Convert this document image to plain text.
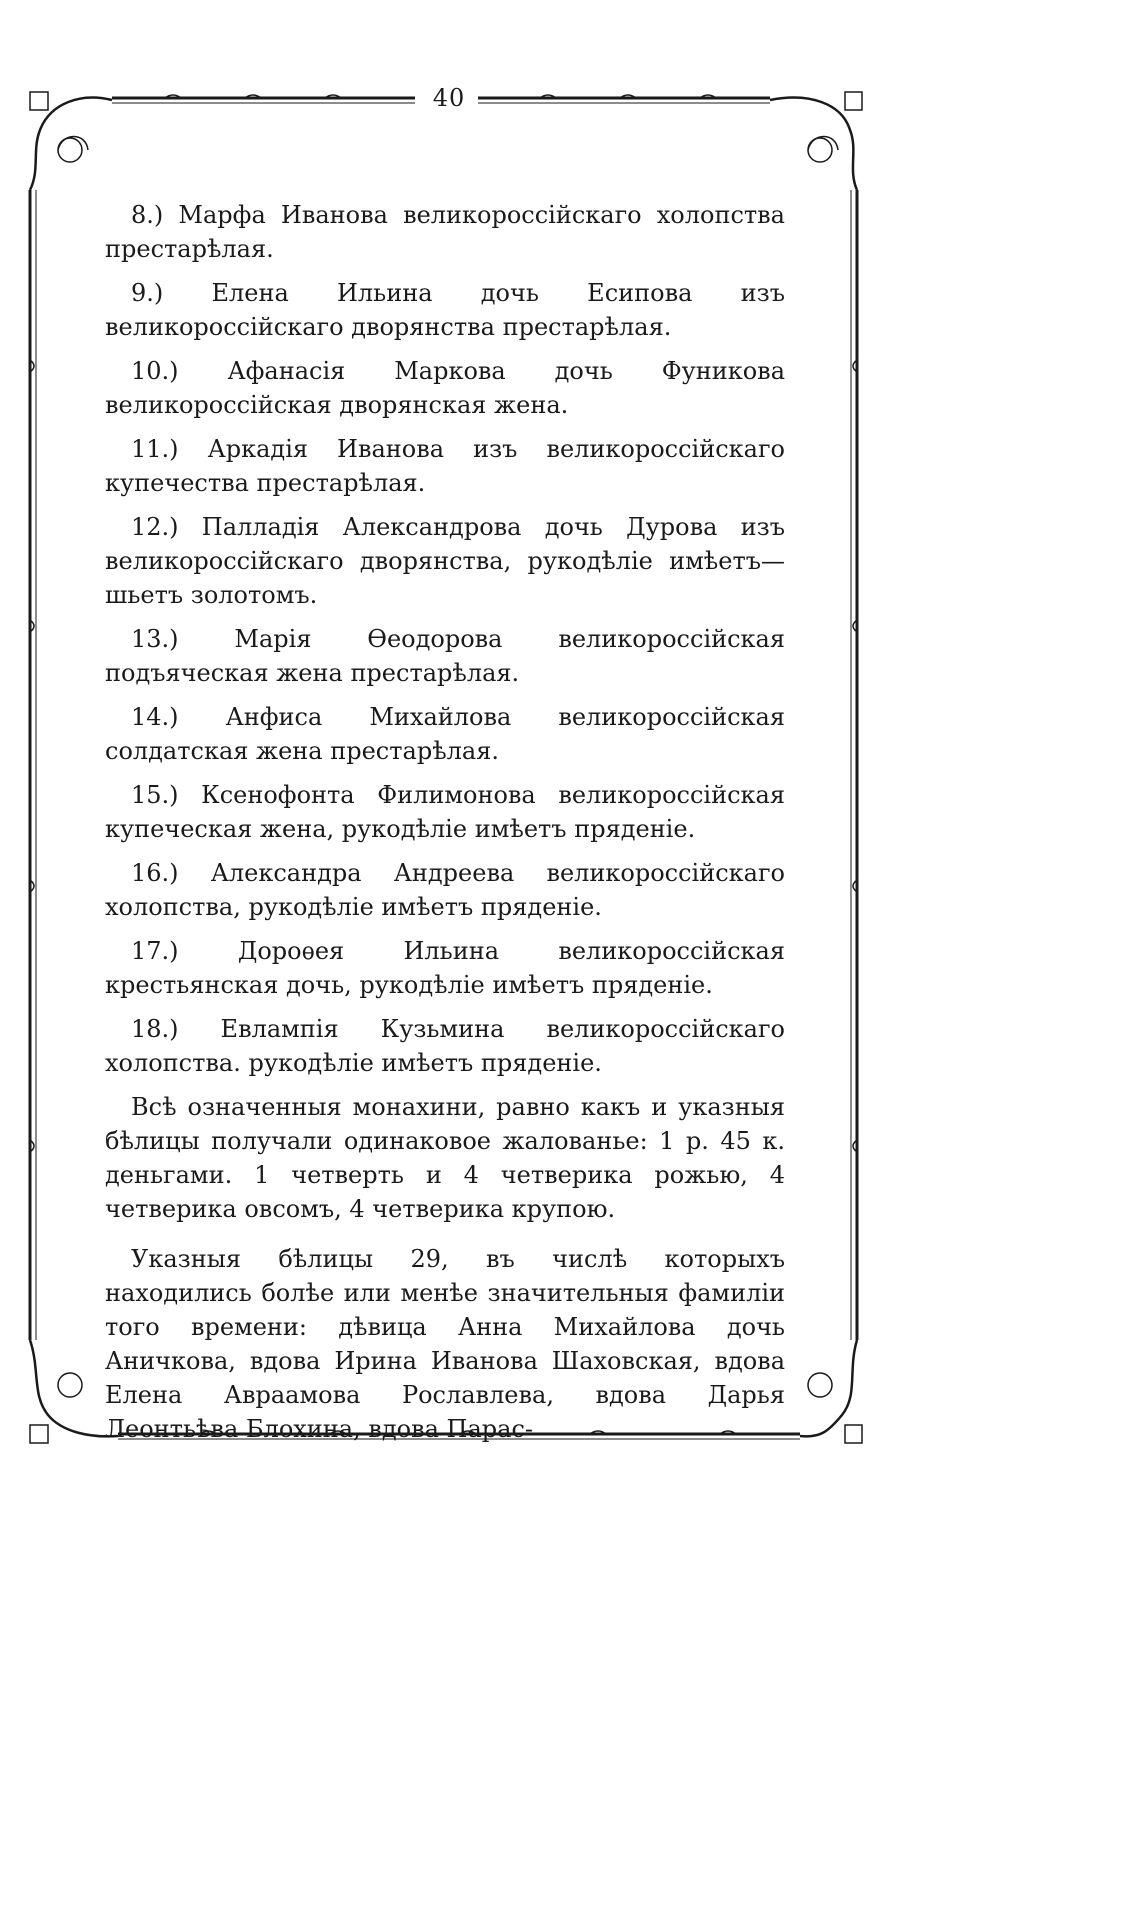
40

8.) Марфа Иванова великороссійскаго холопства престарѣлая.

9.) Елена Ильина дочь Есипова изъ великороссійскаго дворянства престарѣлая.

10.) Афанасія Маркова дочь Фуникова великороссійская дворянская жена.

11.) Аркадія Иванова изъ великороссійскаго купечества престарѣлая.

12.) Палладія Александрова дочь Дурова изъ великороссійскаго дворянства, рукодѣліе имѣетъ—шьетъ золотомъ.

13.) Марія Ѳеодорова великороссійская подъяческая жена престарѣлая.

14.) Анфиса Михайлова великороссійская солдатская жена престарѣлая.

15.) Ксенофонта Филимонова великороссійская купеческая жена, рукодѣліе имѣетъ пряденіе.

16.) Александра Андреева великороссійскаго холопства, рукодѣліе имѣетъ пряденіе.

17.) Дороѳея Ильина великороссійская крестьянская дочь, рукодѣліе имѣетъ пряденіе.

18.) Евлампія Кузьмина великороссійскаго холопства. рукодѣліе имѣетъ пряденіе.

Всѣ означенныя монахини, равно какъ и указныя бѣлицы получали одинаковое жалованье: 1 р. 45 к. деньгами. 1 четверть и 4 четверика рожью, 4 четверика овсомъ, 4 четверика крупою.

Указныя бѣлицы 29, въ числѣ которыхъ находились болѣе или менѣе значительныя фамиліи того времени: дѣвица Анна Михайлова дочь Аничкова, вдова Ирина Иванова Шаховская, вдова Елена Авраамова Рославлева, вдова Дарья Леонтьѣва Блохина, вдова Парас-
